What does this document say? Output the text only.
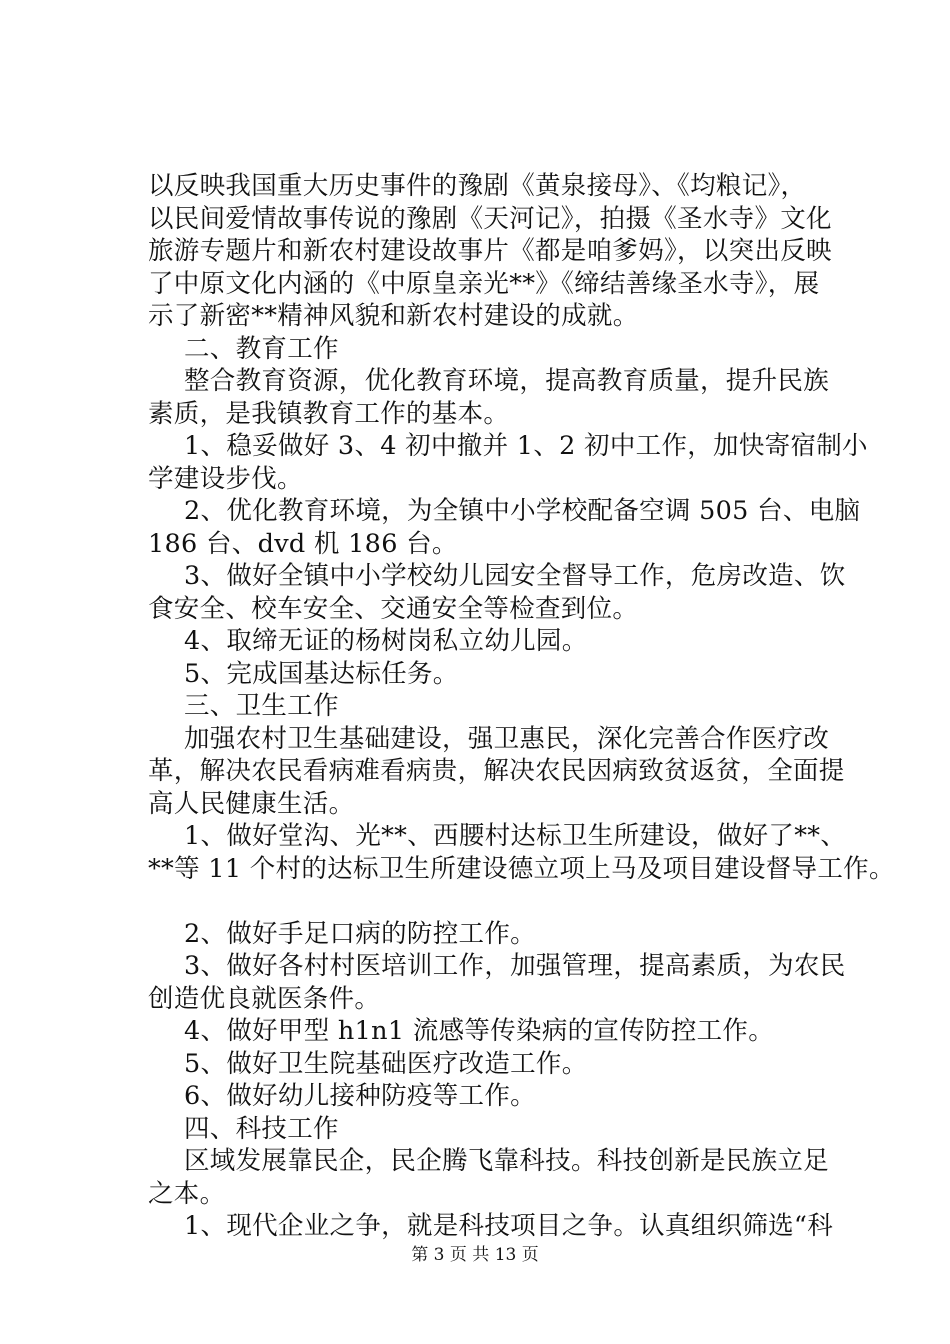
以反映我国重大历史事件的豫剧《黄泉接母》、《均粮记》，
以民间爱情故事传说的豫剧《天河记》，拍摄《圣水寺》文化
旅游专题片和新农村建设故事片《都是咱爹妈》，以突出反映
了中原文化内涵的《中原皇亲光**》《缔结善缘圣水寺》，展
示了新密**精神风貌和新农村建设的成就。
二、教育工作
整合教育资源，优化教育环境，提高教育质量，提升民族
素质，是我镇教育工作的基本。
1、稳妥做好 3、4 初中撤并 1、2 初中工作，加快寄宿制小
学建设步伐。
2、优化教育环境，为全镇中小学校配备空调 505 台、电脑
186 台、dvd 机 186 台。
3、做好全镇中小学校幼儿园安全督导工作，危房改造、饮
食安全、校车安全、交通安全等检查到位。
4、取缔无证的杨树岗私立幼儿园。
5、完成国基达标任务。
三、卫生工作
加强农村卫生基础建设，强卫惠民，深化完善合作医疗改
革，解决农民看病难看病贵，解决农民因病致贫返贫，全面提
高人民健康生活。
1、做好堂沟、光**、西腰村达标卫生所建设，做好了**、
**等 11 个村的达标卫生所建设德立项上马及项目建设督导工作。
2、做好手足口病的防控工作。
3、做好各村村医培训工作，加强管理，提高素质，为农民
创造优良就医条件。
4、做好甲型 h1n1 流感等传染病的宣传防控工作。
5、做好卫生院基础医疗改造工作。
6、做好幼儿接种防疫等工作。
四、科技工作
区域发展靠民企，民企腾飞靠科技。科技创新是民族立足
之本。
1、现代企业之争，就是科技项目之争。认真组织筛选“科
第 3 页 共 13 页
